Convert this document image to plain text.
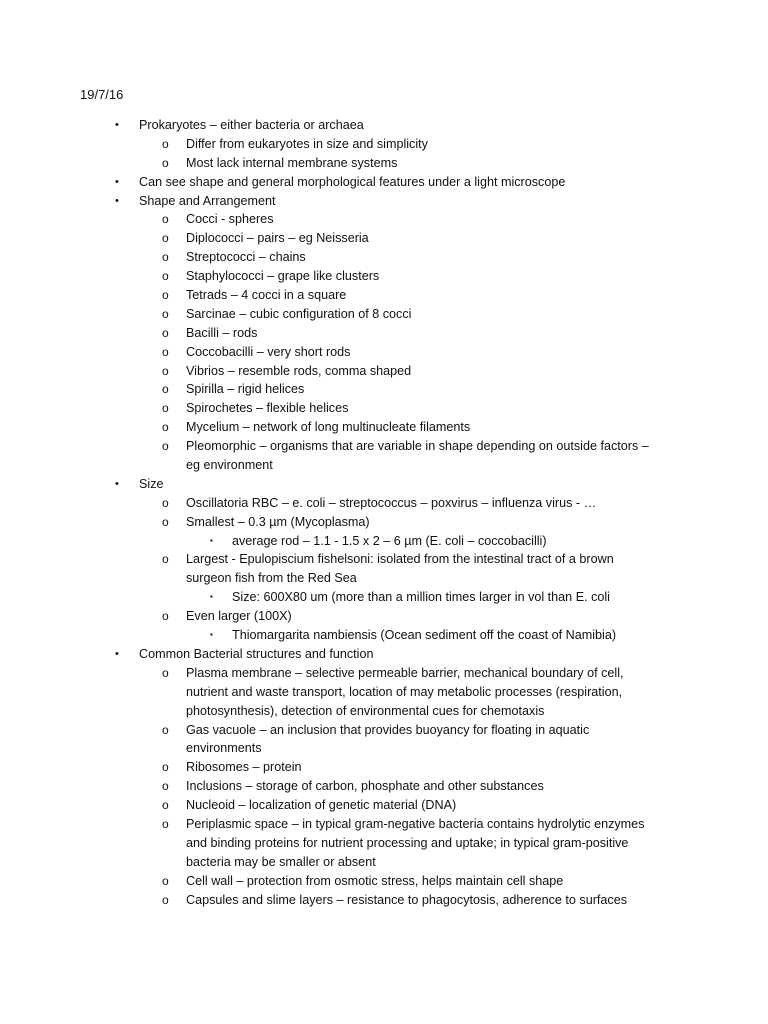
19/7/16
• Prokaryotes – either bacteria or archaea
o Differ from eukaryotes in size and simplicity
o Most lack internal membrane systems
• Can see shape and general morphological features under a light microscope
• Shape and Arrangement
o Cocci - spheres
o Diplococci – pairs – eg Neisseria
o Streptococci – chains
o Staphylococci – grape like clusters
o Tetrads – 4 cocci in a square
o Sarcinae – cubic configuration of 8 cocci
o Bacilli – rods
o Coccobacilli – very short rods
o Vibrios – resemble rods, comma shaped
o Spirilla – rigid helices
o Spirochetes – flexible helices
o Mycelium – network of long multinucleate filaments
o Pleomorphic – organisms that are variable in shape depending on outside factors –
eg environment
• Size
o Oscillatoria RBC – e. coli – streptococcus – poxvirus – influenza virus - …
o Smallest – 0.3 µm (Mycoplasma)
▪ average rod – 1.1 - 1.5 x 2 – 6 µm (E. coli – coccobacilli)
o Largest - Epulopiscium fishelsoni: isolated from the intestinal tract of a brown
surgeon fish from the Red Sea
▪ Size: 600X80 um (more than a million times larger in vol than E. coli
o Even larger (100X)
▪ Thiomargarita nambiensis (Ocean sediment off the coast of Namibia)
• Common Bacterial structures and function
o Plasma membrane – selective permeable barrier, mechanical boundary of cell,
nutrient and waste transport, location of may metabolic processes (respiration,
photosynthesis), detection of environmental cues for chemotaxis
o Gas vacuole – an inclusion that provides buoyancy for floating in aquatic
environments
o Ribosomes – protein
o Inclusions – storage of carbon, phosphate and other substances
o Nucleoid – localization of genetic material (DNA)
o Periplasmic space – in typical gram-negative bacteria contains hydrolytic enzymes
and binding proteins for nutrient processing and uptake; in typical gram-positive
bacteria may be smaller or absent
o Cell wall – protection from osmotic stress, helps maintain cell shape
o Capsules and slime layers – resistance to phagocytosis, adherence to surfaces
